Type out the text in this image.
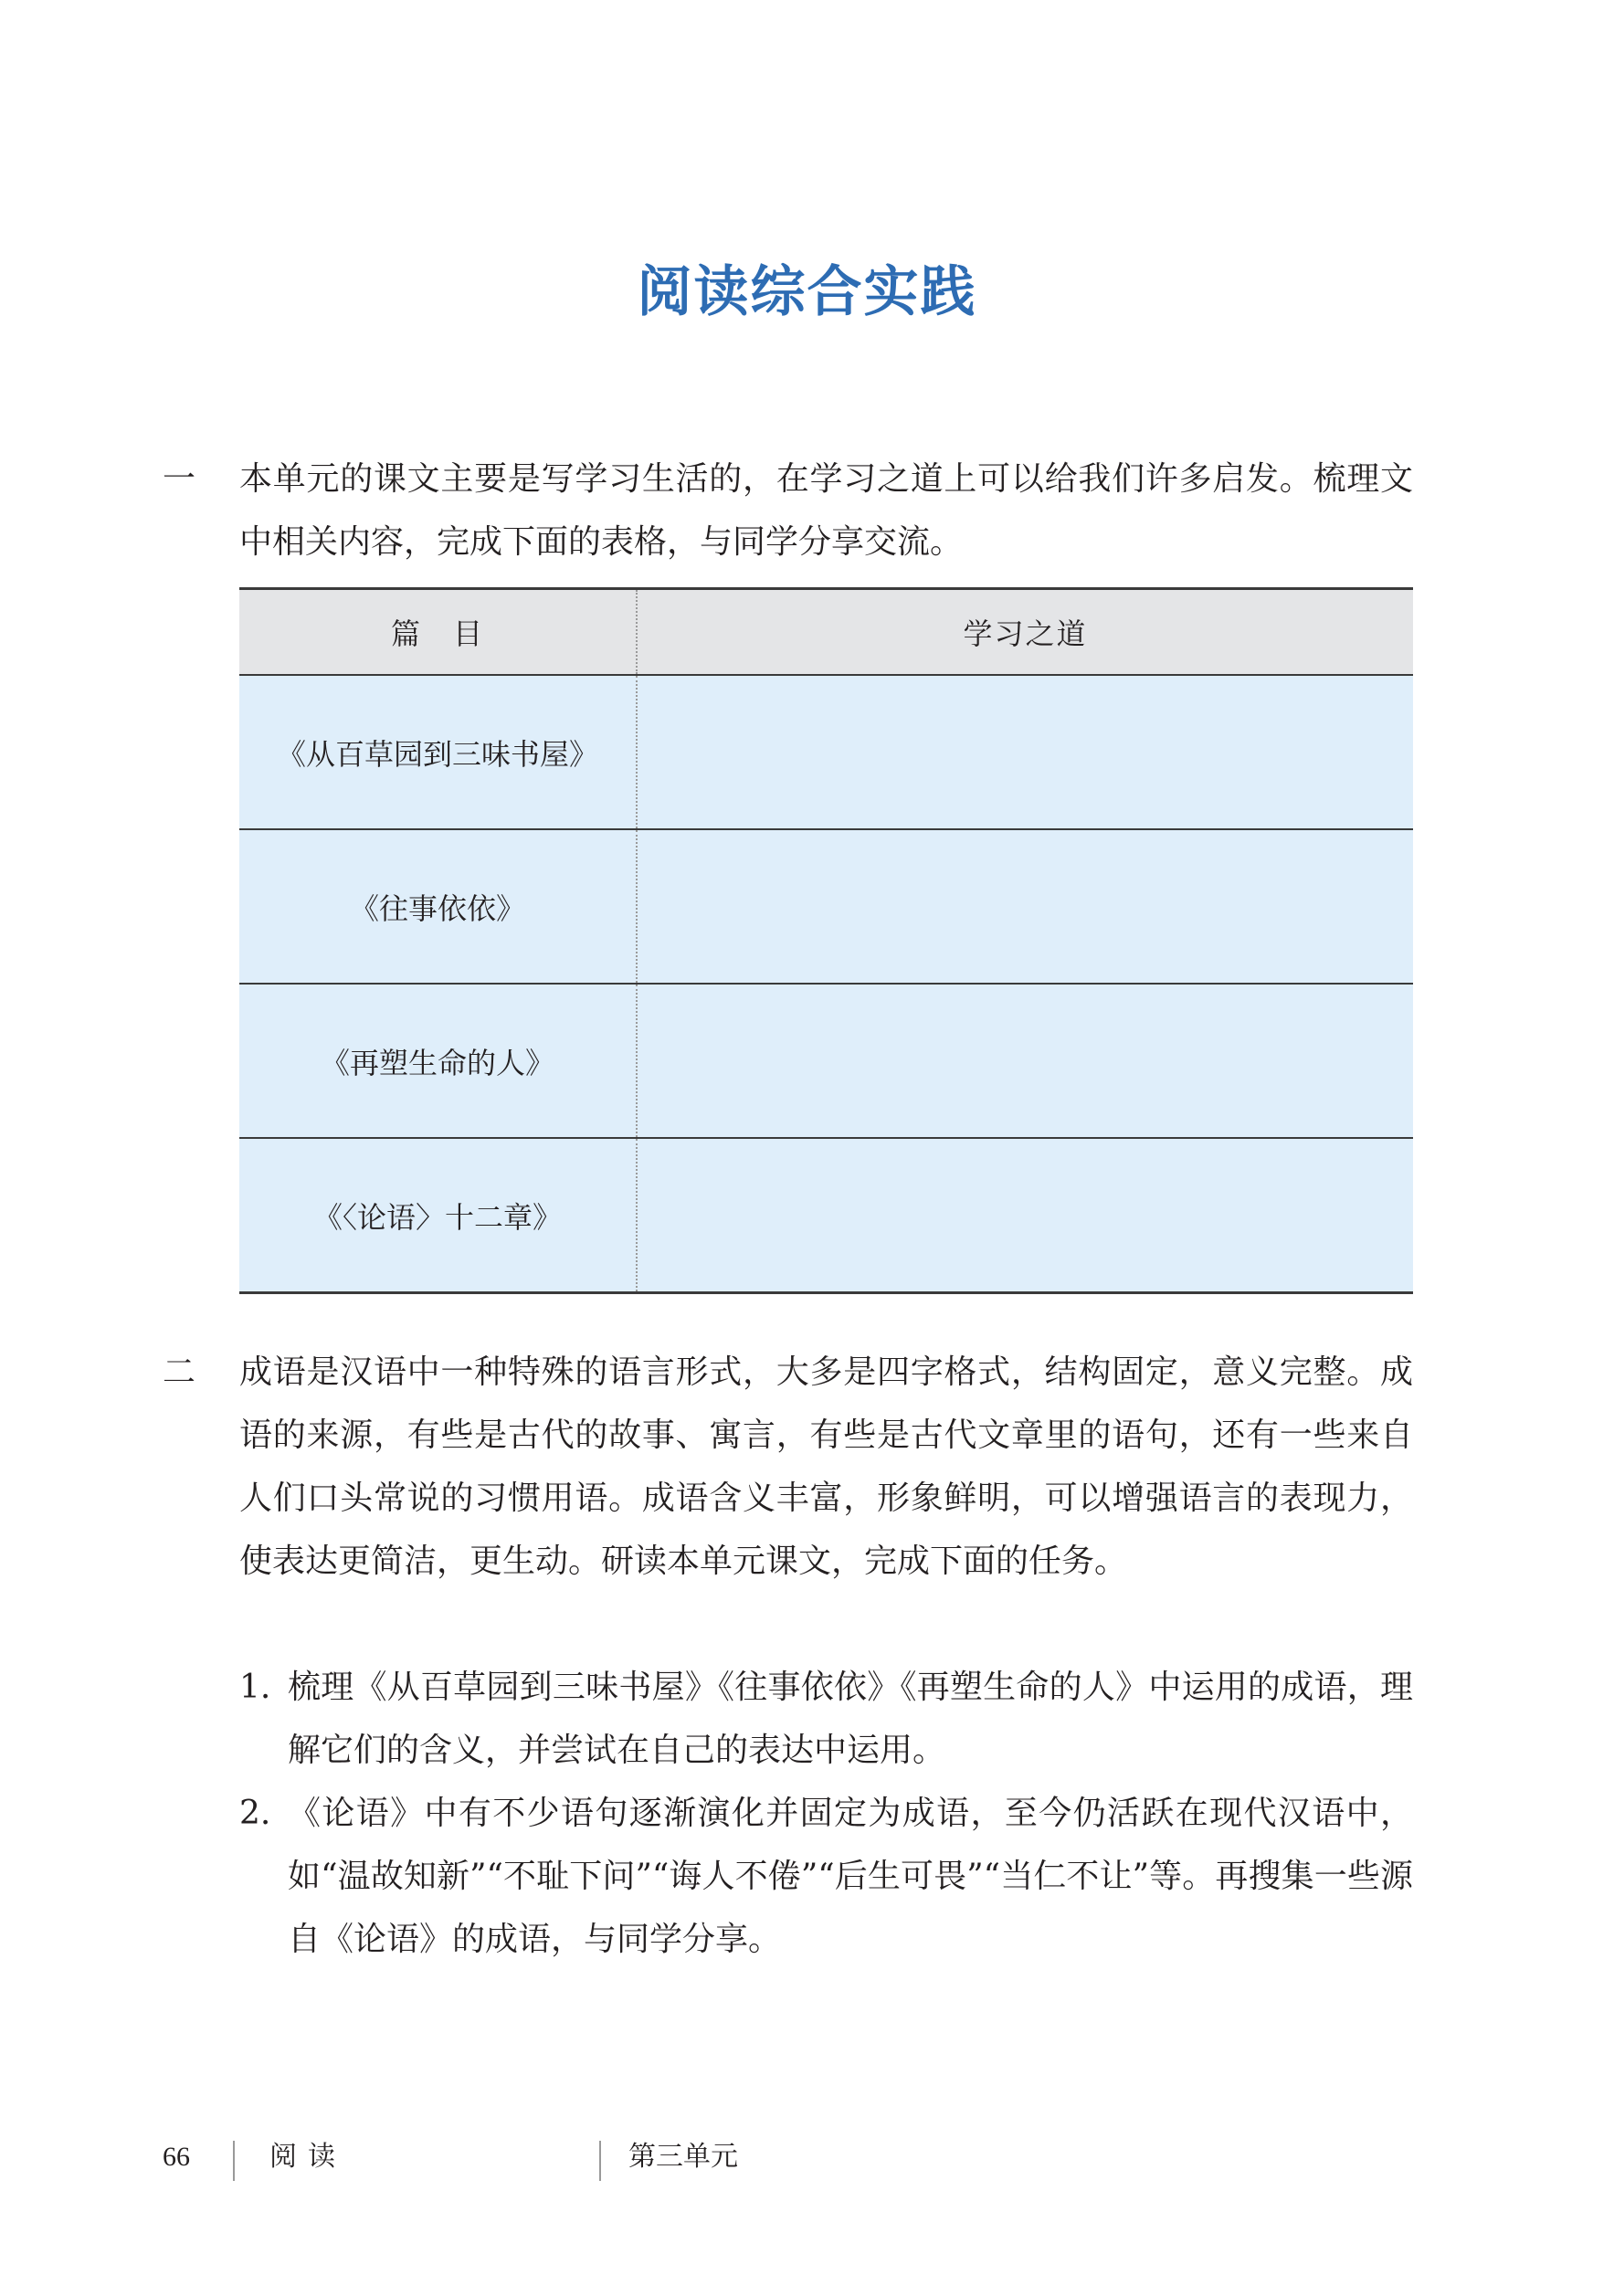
阅读综合实践
一 本单元的课文主要是写学习生活的，在学习之道上可以给我们许多启发。梳理文中相关内容，完成下面的表格，与同学分享交流。
篇　目	学习之道
《从百草园到三味书屋》	
《往事依依》	
《再塑生命的人》	
《〈论语〉十二章》	
二 成语是汉语中一种特殊的语言形式，大多是四字格式，结构固定，意义完整。成语的来源，有些是古代的故事、寓言，有些是古代文章里的语句，还有一些来自人们口头常说的习惯用语。成语含义丰富，形象鲜明，可以增强语言的表现力，使表达更简洁，更生动。研读本单元课文，完成下面的任务。
1. 梳理《从百草园到三味书屋》《往事依依》《再塑生命的人》中运用的成语，理解它们的含义，并尝试在自己的表达中运用。
2. 《论语》中有不少语句逐渐演化并固定为成语，至今仍活跃在现代汉语中，如“温故知新”“不耻下问”“诲人不倦”“后生可畏”“当仁不让”等。再搜集一些源自《论语》的成语，与同学分享。
66	阅读	第三单元
